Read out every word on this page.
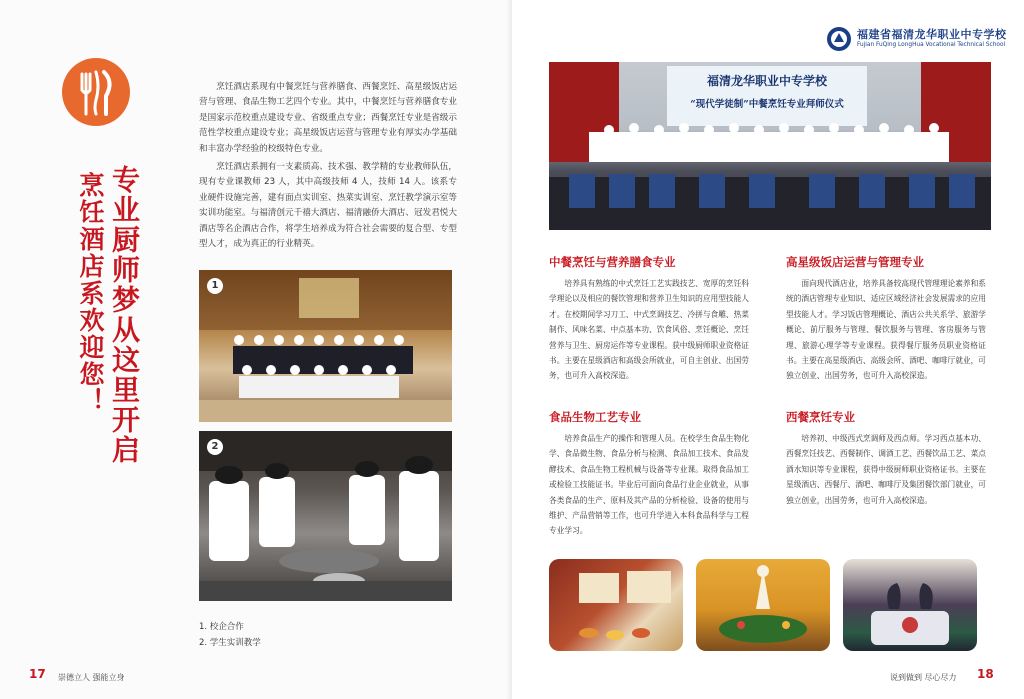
烹饪酒店系欢迎您！ 专业厨师梦从这里开启

烹饪酒店系现有中餐烹饪与营养膳食、西餐烹饪、高星级饭店运营与管理、食品生物工艺四个专业。其中，中餐烹饪与营养膳食专业是国家示范校重点建设专业、省级重点专业；西餐烹饪专业是省级示范性学校重点建设专业；高星级饭店运营与管理专业有厚实办学基础和丰富办学经验的校级特色专业。

烹饪酒店系拥有一支素质高、技术强、教学精的专业教师队伍，现有专业课教师 23 人，其中高级技师 4 人，技师 14 人。该系专业硬件设施完善，建有面点实训室、热菜实训室、烹饪教学演示室等实训功能室。与福清创元千禧大酒店、福清融侨大酒店、冠发君悦大酒店等名企酒店合作，将学生培养成为符合社会需要的复合型、专型型人才，成为真正的行业精英。

1
2
1. 校企合作
2. 学生实训教学
17 崇德立人 强能立身
福建省福清龙华职业中专学校
Fujian FuQing LongHua Vocational Technical School
福清龙华职业中专学校
“现代学徒制”中餐烹饪专业拜师仪式
中餐烹饪与营养膳食专业

培养具有熟练的中式烹饪工艺实践技艺、宽厚的烹饪科学理论以及相应的餐饮管理和营养卫生知识的应用型技能人才。在校期间学习刀工、中式烹调技艺、冷拼与食雕、热菜制作、风味名菜、中点基本功、饮食风俗、烹饪概论、烹饪营养与卫生、厨房运作等专业课程。获中级厨师职业资格证书。主要在星级酒店和高级会所就业，可自主创业、出国劳务，也可升入高校深造。

高星级饭店运营与管理专业

面向现代酒店业，培养具备较高现代管理理论素养和系统的酒店管理专业知识、适应区域经济社会发展需求的应用型技能人才。学习饭店管理概论、酒店公共关系学、旅游学概论、前厅服务与管理、餐饮服务与管理、客房服务与管理、旅游心理学等专业课程。获得餐厅服务员职业资格证书。主要在高星级酒店、高级会所、酒吧、咖啡厅就业，可独立创业、出国劳务，也可升入高校深造。

食品生物工艺专业

培养食品生产的操作和管理人员。在校学生食品生物化学、食品微生物、食品分析与检测、食品加工技术、食品发酵技术、食品生物工程机械与设备等专业课。取得食品加工或检验工技能证书。毕业后可面向食品行业企业就业，从事各类食品的生产、原料及其产品的分析检验、设备的使用与维护、产品营销等工作，也可升学进入本科食品科学与工程专业学习。

西餐烹饪专业

培养初、中级西式烹调师及西点师。学习西点基本功、西餐烹饪技艺、西餐制作、调酒工艺、西餐饮品工艺、菜点酒水知识等专业课程，获得中级厨师职业资格证书。主要在星级酒店、西餐厅、酒吧、咖啡厅及集团餐饮部门就业，可独立创业，出国劳务，也可升入高校深造。

说到做到 尽心尽力 18
